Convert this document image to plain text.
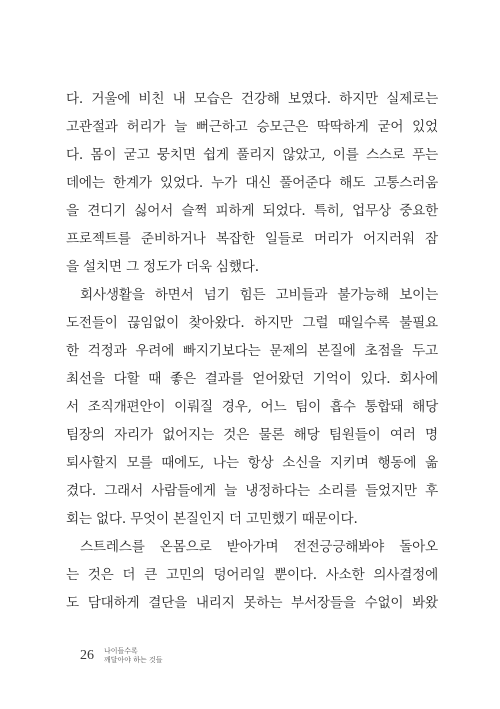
다. 거울에 비친 내 모습은 건강해 보였다. 하지만 실제로는
고관절과 허리가 늘 뻐근하고 승모근은 딱딱하게 굳어 있었
다. 몸이 굳고 뭉치면 쉽게 풀리지 않았고, 이를 스스로 푸는
데에는 한계가 있었다. 누가 대신 풀어준다 해도 고통스러움
을 견디기 싫어서 슬쩍 피하게 되었다. 특히, 업무상 중요한
프로젝트를 준비하거나 복잡한 일들로 머리가 어지러워 잠
을 설치면 그 정도가 더욱 심했다.
회사생활을 하면서 넘기 힘든 고비들과 불가능해 보이는
도전들이 끊임없이 찾아왔다. 하지만 그럴 때일수록 불필요
한 걱정과 우려에 빠지기보다는 문제의 본질에 초점을 두고
최선을 다할 때 좋은 결과를 얻어왔던 기억이 있다. 회사에
서 조직개편안이 이뤄질 경우, 어느 팀이 흡수 통합돼 해당
팀장의 자리가 없어지는 것은 물론 해당 팀원들이 여러 명
퇴사할지 모를 때에도, 나는 항상 소신을 지키며 행동에 옮
겼다. 그래서 사람들에게 늘 냉정하다는 소리를 들었지만 후
회는 없다. 무엇이 본질인지 더 고민했기 때문이다.
스트레스를 온몸으로 받아가며 전전긍긍해봐야 돌아오
는 것은 더 큰 고민의 덩어리일 뿐이다. 사소한 의사결정에
도 담대하게 결단을 내리지 못하는 부서장들을 수없이 봐왔
26 나이들수록
깨달아야 하는 것들
